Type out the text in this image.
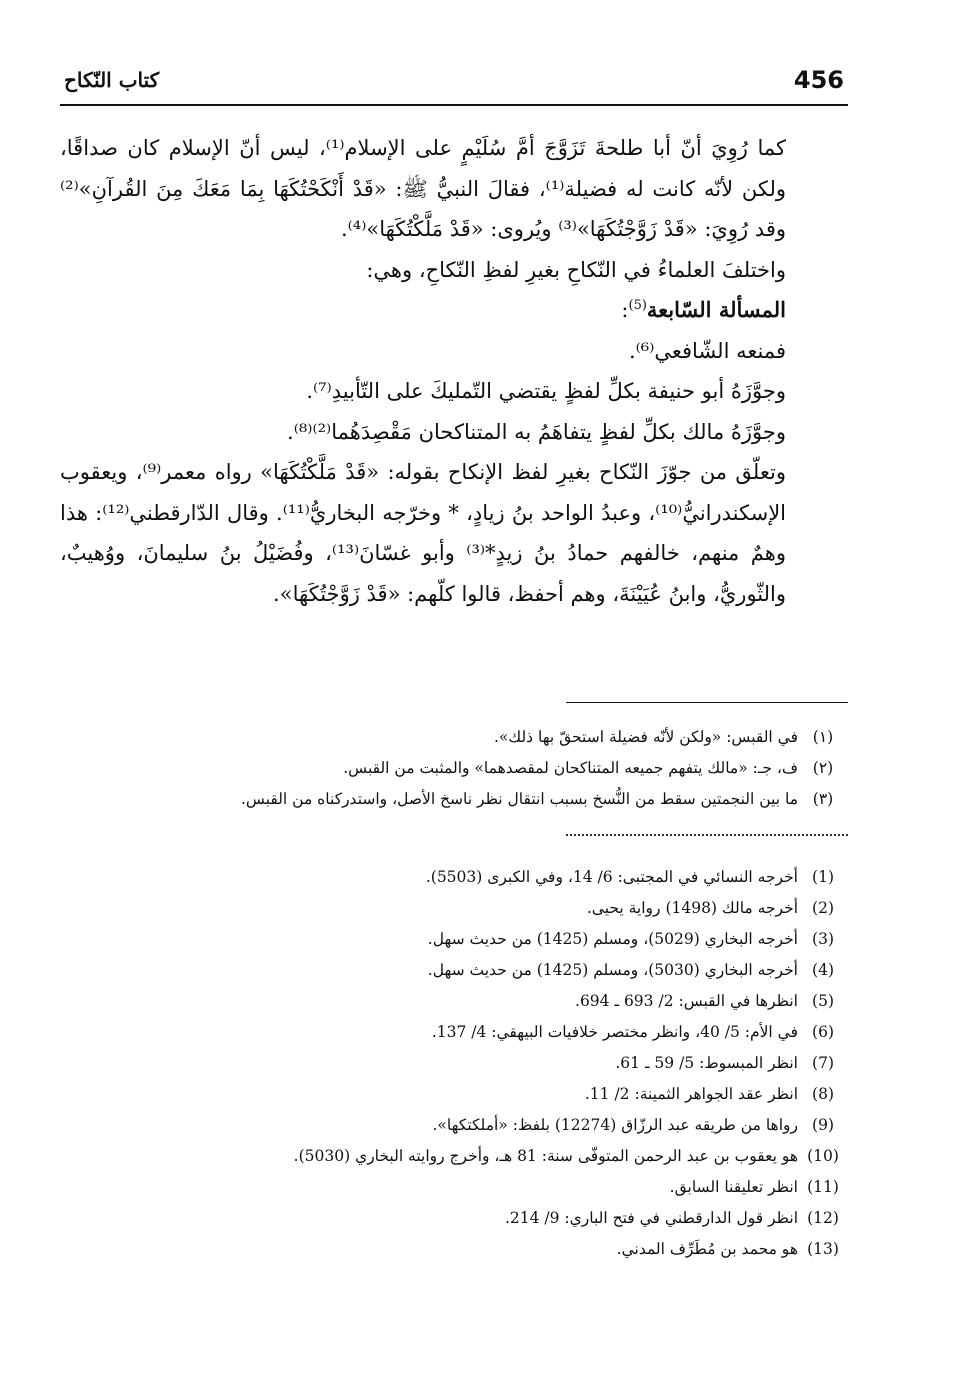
456
كتاب النّكاح

كما رُوِيَ أنّ أبا طلحةَ تَزَوَّجَ أمَّ سُلَيْمٍ على الإسلام⁽¹⁾، ليس أنّ الإسلام كان صداقًا، ولكن لأنّه كانت له فضيلة⁽¹⁾، فقالَ النبيُّ ﷺ: «قَدْ أَنْكَحْتُكَهَا بِمَا مَعَكَ مِنَ القُرآنِ»⁽²⁾ وقد رُوِيَ: «قَدْ زَوَّجْتُكَهَا»⁽³⁾ ويُروى: «قَدْ مَلَّكْتُكَهَا»⁽⁴⁾.

واختلفَ العلماءُ في النّكاحِ بغيرِ لفظِ النّكاحِ، وهي:

المسألة السّابعة$^{(5)}$:

فمنعه الشّافعي⁽⁶⁾.

وجوَّزَهُ أبو حنيفة بكلِّ لفظٍ يقتضي التّمليكَ على التّأبيدِ⁽⁷⁾.

وجوَّزَهُ مالك بكلِّ لفظٍ يتفاهَمُ به المتناكحان مَقْصِدَهُما⁽²⁾⁽⁸⁾.

وتعلّق من جوّزَ النّكاح بغيرِ لفظ الإنكاح بقوله: «قَدْ مَلَّكْتُكَهَا» رواه معمر⁽⁹⁾، ويعقوب الإسكندرانيُّ⁽¹⁰⁾، وعبدُ الواحد بنُ زيادٍ، * وخرّجه البخاريُّ⁽¹¹⁾. وقال الدّارقطني⁽¹²⁾: هذا وهمٌ منهم، خالفهم حمادُ بنُ زيدٍ*⁽³⁾ وأبو غسّانَ⁽¹³⁾، وفُضَيْلُ بنُ سليمانَ، ووُهيبٌ، والثّوريُّ، وابنُ عُيَيْنَةَ، وهم أحفظ، قالوا كلّهم: «قَدْ زَوَّجْتُكَهَا».

(١)
في القبس: «ولكن لأنّه فضيلة استحقّ بها ذلك».
(٢)
ف، جـ: «مالك يتفهم جميعه المتناكحان لمقصدهما» والمثبت من القبس.
(٣)
ما بين النجمتين سقط من النُّسخ بسبب انتقال نظر ناسخ الأصل، واستدركناه من القبس.
(1)
أخرجه النسائي في المجتبى: 6/ 14، وفي الكبرى (5503).
(2)
أخرجه مالك (1498) رواية يحيى.
(3)
أخرجه البخاري (5029)، ومسلم (1425) من حديث سهل.
(4)
أخرجه البخاري (5030)، ومسلم (1425) من حديث سهل.
(5)
انظرها في القبس: 2/ 693 ـ 694.
(6)
في الأم: 5/ 40، وانظر مختصر خلافيات البيهقي: 4/ 137.
(7)
انظر المبسوط: 5/ 59 ـ 61.
(8)
انظر عقد الجواهر الثمينة: 2/ 11.
(9)
رواها من طريقه عبد الرزّاق (12274) بلفظ: «أملكتكها».
(10)
هو يعقوب بن عبد الرحمن المتوفّى سنة: 81 هـ، وأخرج روايته البخاري (5030).
(11)
انظر تعليقنا السابق.
(12)
انظر قول الدارقطني في فتح الباري: 9/ 214.
(13)
هو محمد بن مُطَرِّف المدني.
